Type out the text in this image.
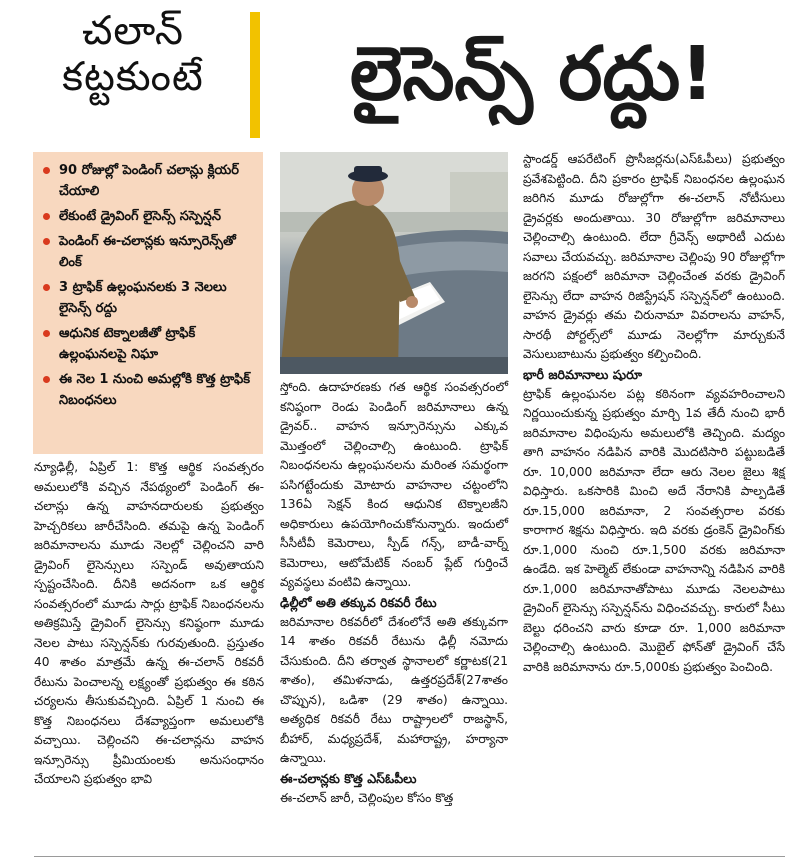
చలాన్
కట్టకుంటే	లైసెన్స్ రద్దు!
90 రోజుల్లో పెండింగ్ చలాన్లు క్లియర్ చేయాలి
లేకుంటే డ్రైవింగ్ లైసెన్స్ సస్పెన్షన్
పెండింగ్ ఈ-చలాన్లకు ఇన్సూరెన్స్‌తో లింక్
3 ట్రాఫిక్ ఉల్లంఘనలకు 3 నెలలు లైసెన్స్ రద్దు
ఆధునిక టెక్నాలజీతో ట్రాఫిక్ ఉల్లంఘనలపై నిఘా
ఈ నెల 1 నుంచి అమల్లోకి కొత్త ట్రాఫిక్ నిబంధనలు

న్యూఢిల్లీ, ఏప్రిల్ 1: కొత్త ఆర్థిక సంవత్సరం అమలులోకి వచ్చిన నేపథ్యంలో పెండింగ్ ఈ-చలాన్లు ఉన్న వాహనదారులకు ప్రభుత్వం హెచ్చరికలు జారీచేసింది. తమపై ఉన్న పెండింగ్ జరిమానాలను మూడు నెలల్లో చెల్లించని వారి డ్రైవింగ్ లైసెన్సులు సస్పెండ్ అవుతాయని స్పష్టంచేసింది. దీనికి అదనంగా ఒక ఆర్థిక సంవత్సరంలో మూడు సార్లు ట్రాఫిక్ నిబంధనలను అతిక్రమిస్తే డ్రైవింగ్ లైసెన్సు కనిష్ఠంగా మూడు నెలల పాటు సస్పెన్షన్‌కు గురవుతుంది. ప్రస్తుతం 40 శాతం మాత్రమే ఉన్న ఈ-చలాన్ రికవరీ రేటును పెంచాలన్న లక్ష్యంతో ప్రభుత్వం ఈ కఠిన చర్యలను తీసుకువచ్చింది. ఏప్రిల్ 1 నుంచి ఈ కొత్త నిబంధనలు దేశవ్యాప్తంగా అమలులోకి వచ్చాయి. చెల్లించని ఈ-చలాన్లను వాహన ఇన్సూరెన్సు ప్రీమియంలకు అనుసంధానం చేయాలని ప్రభుత్వం భావి

స్తోంది. ఉదాహరణకు గత ఆర్థిక సంవత్సరంలో కనిష్ఠంగా రెండు పెండింగ్ జరిమానాలు ఉన్న డ్రైవర్.. వాహన ఇన్సూరెన్సును ఎక్కువ మొత్తంలో చెల్లించాల్సి ఉంటుంది. ట్రాఫిక్ నిబంధనలను ఉల్లంఘనలను మరింత సమర్థంగా పసిగట్టేందుకు మోటారు వాహనాల చట్టంలోని 136ఏ సెక్షన్ కింద ఆధునిక టెక్నాలజీని అధికారులు ఉపయోగించుకోనున్నారు. ఇందులో సీసీటీవీ కెమెరాలు, స్పీడ్ గన్స్, బాడీ-వార్న్ కెమెరాలు, ఆటోమేటిక్ నంబర్ ప్లేట్ గుర్తించే వ్యవస్థలు వంటివి ఉన్నాయి.

ఢిల్లీలో అతి తక్కువ రికవరీ రేటు

జరిమానాల రికవరీలో దేశంలోనే అతి తక్కువగా 14 శాతం రికవరీ రేటును ఢిల్లీ నమోదు చేసుకుంది. దీని తర్వాత స్థానాలలో కర్ణాటక(21 శాతం), తమిళనాడు, ఉత్తరప్రదేశ్(27శాతం చొప్పున), ఒడిశా (29 శాతం) ఉన్నాయి. అత్యధిక రికవరీ రేటు రాష్ట్రాలలో రాజస్థాన్, బీహార్, మధ్యప్రదేశ్, మహారాష్ట్ర, హర్యానా ఉన్నాయి.

ఈ-చలాన్లకు కొత్త ఎస్ఓపీలు

ఈ-చలాన్ జారీ, చెల్లింపుల కోసం కొత్త

స్టాండర్డ్ ఆపరేటింగ్ ప్రొసీజర్లను(ఎస్ఓపీలు) ప్రభుత్వం ప్రవేశపెట్టింది. దీని ప్రకారం ట్రాఫిక్ నిబంధనల ఉల్లంఘన జరిగిన మూడు రోజుల్లోగా ఈ-చలాన్ నోటీసులు డ్రైవర్లకు అందుతాయి. 30 రోజుల్లోగా జరిమానాలు చెల్లించాల్సి ఉంటుంది. లేదా గ్రీవెన్స్ అథారిటీ ఎదుట సవాలు చేయవచ్చు. జరిమానాల చెల్లింపు 90 రోజుల్లోగా జరగని పక్షంలో జరిమానా చెల్లించేంత వరకు డ్రైవింగ్ లైసెన్సు లేదా వాహన రిజిస్ట్రేషన్ సస్పెన్షన్‌లో ఉంటుంది. వాహన డ్రైవర్లు తమ చిరునామా వివరాలను వాహన్, సారథీ పోర్టల్స్‌లో మూడు నెలల్లోగా మార్చుకునే వెసులుబాటును ప్రభుత్వం కల్పించింది.

భారీ జరిమానాలు షురూ

ట్రాఫిక్ ఉల్లంఘనల పట్ల కఠినంగా వ్యవహరించాలని నిర్ణయించుకున్న ప్రభుత్వం మార్చి 1వ తేదీ నుంచి భారీ జరిమానాల విధింపును అమలులోకి తెచ్చింది. మద్యం తాగి వాహనం నడిపిన వారికి మొదటిసారి పట్టుబడితే రూ. 10,000 జరిమానా లేదా ఆరు నెలల జైలు శిక్ష విధిస్తారు. ఒకసారికి మించి అదే నేరానికి పాల్పడితే రూ.15,000 జరిమానా, 2 సంవత్సరాల వరకు కారాగార శిక్షను విధిస్తారు. ఇది వరకు డ్రంకెన్ డ్రైవింగ్‌కు రూ.1,000 నుంచి రూ.1,500 వరకు జరిమానా ఉండేది. ఇక హెల్మెట్ లేకుండా వాహనాన్ని నడిపిన వారికి రూ.1,000 జరిమానాతోపాటు మూడు నెలలపాటు డ్రైవింగ్ లైసెన్సు సస్పెన్షన్‌ను విధించవచ్చు. కారులో సీటు బెల్టు ధరించని వారు కూడా రూ. 1,000 జరిమానా చెల్లించాల్సి ఉంటుంది. మొబైల్ ఫోన్‌తో డ్రైవింగ్ చేసే వారికి జరిమానాను రూ.5,000కు ప్రభుత్వం పెంచింది.
